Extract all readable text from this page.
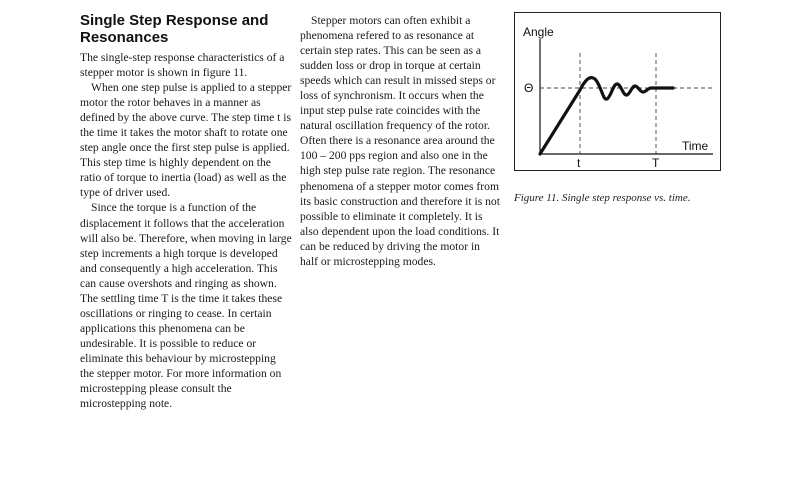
Single Step Response and Resonances

The single-step response characteristics of a stepper motor is shown in figure 11.

When one step pulse is applied to a stepper motor the rotor behaves in a manner as defined by the above curve. The step time t is the time it takes the motor shaft to rotate one step angle once the first step pulse is applied. This step time is highly dependent on the ratio of torque to inertia (load) as well as the type of driver used.

Since the torque is a function of the displacement it follows that the acceleration will also be. Therefore, when moving in large step increments a high torque is developed and consequently a high acceleration. This can cause overshots and ringing as shown. The settling time T is the time it takes these oscillations or ringing to cease. In certain applications this phenomena can be undesirable. It is possible to reduce or eliminate this behaviour by microstepping the stepper motor. For more information on microstepping please consult the microstepping note.

Stepper motors can often exhibit a phenomena refered to as resonance at certain step rates. This can be seen as a sudden loss or drop in torque at certain speeds which can result in missed steps or loss of synchronism. It occurs when the input step pulse rate coincides with the natural oscillation frequency of the rotor. Often there is a resonance area around the 100 – 200 pps region and also one in the high step pulse rate region. The resonance phenomena of a stepper motor comes from its basic construction and therefore it is not possible to eliminate it completely. It is also dependent upon the load conditions. It can be reduced by driving the motor in half or microstepping modes.

Angle
Θ
Time
t	T
Figure 11. Single step response vs. time.
